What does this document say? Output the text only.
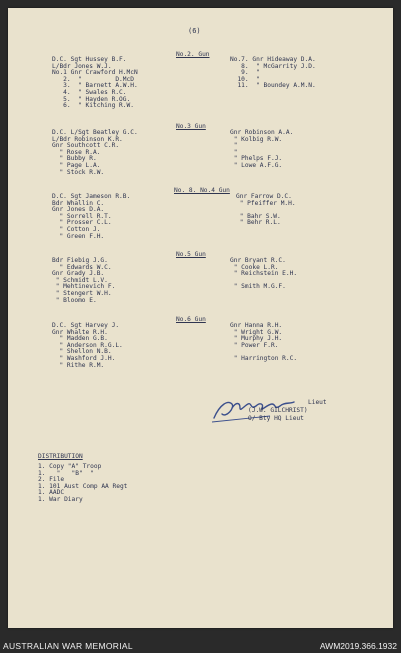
(6)
No.2. Gun
No.3 Gun
No. 8. No.4 Gun
No.5 Gun
No.6 Gun
D.C. Sgt Hussey B.F.
L/Bdr Jones W.J.
No.1 Gnr Crawford H.McN
2.  "         D.McD
3.  " Barnett A.W.H.
4.  " Swales R.C.
5.  " Hayden R.OG.
6.  " Kitching R.W.
No.7. Gnr Hideaway D.A.
8.  " McGarrity J.D.
9.  "
10.  "
11.  " Boundey A.M.N.
D.C. L/Sgt Beatley G.C.
L/Bdr Robinson K.R.
Gnr Southcott C.R.
" Rose R.A.
" Bubby R.
" Page L.A.
" Stock R.W.
Gnr Robinson A.A.
" Kolbig R.W.
"
"
" Phelps F.J.
" Lowe A.F.G.
D.C. Sgt Jameson R.B.
Bdr Whallin C.
Gnr Jones D.A.
" Sorrell R.T.
" Prosser C.L.
" Cotton J.
" Green F.H.
Gnr Farrow D.C.
" Pfeiffer M.H.

" Bahr S.W.
" Behr R.L.
Bdr Fiebig J.G.
" Edwards W.C.
Gnr Grady J.B.
" Schmidt L.V.
" Mehtinevich F.
" Stengert W.H.
" Bloomo E.
Gnr Bryant R.C.
" Cooke L.R.
" Reichstein E.H.

" Smith M.G.F.
D.C. Sgt Harvey J.
Gnr Whalte R.H.
" Madden G.B.
" Anderson R.G.L.
" Shellon N.B.
" Washford J.H.
" Rithe R.M.
Gnr Hanna R.H.
" Wright G.W.
" Murphy J.H.
" Power F.R.

" Harrington R.C.
Lieut
(J.W. GILCHRIST)
O/ Bty HQ Lieut
DISTRIBUTION
1. Copy "A" Troop
1.   "   "B"  "
2. File
1. 101 Aust Comp AA Regt
1. AADC
1. War Diary
AUSTRALIAN WAR MEMORIAL	AWM2019.366.1932
